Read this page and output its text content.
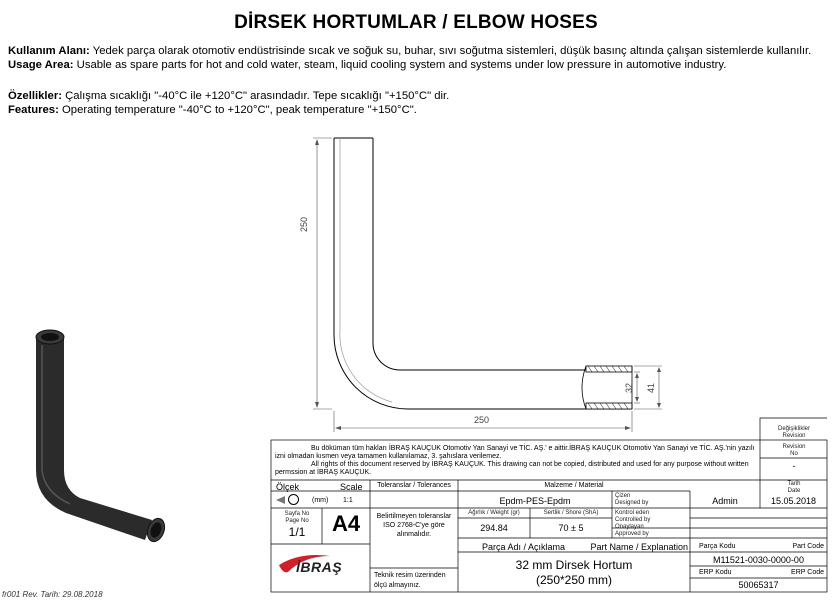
DİRSEK HORTUMLAR / ELBOW HOSES
Kullanım Alanı: Yedek parça olarak otomotiv endüstrisinde sıcak ve soğuk su, buhar, sıvı soğutma sistemleri, düşük basınç altında çalışan sistemlerde kullanılır.
Usage Area: Usable as spare parts for hot and cold water, steam, liquid cooling system and systems under low pressure in automotive industry.
Özellikler: Çalışma sıcaklığı "-40°C ile +120°C" arasındadır. Tepe sıcaklığı "+150°C" dir.
Features: Operating temperature "-40°C to +120°C", peak temperature "+150°C".
250
250
32 41
Değişiklikler
Revision
Revision
No
-
Tarih
Date
Bu döküman tüm hakları İBRAŞ KAUÇUK Otomotiv Yan Sanayi ve TİC. AŞ.' e aittir.İBRAŞ KAUÇUK Otomotiv Yan Sanayi ve TİC. AŞ.'nin yazılı izni olmadan kısmen veya tamamen kullanılamaz, 3. şahıslara verilemez.
All rights of this document reserved by İBRAŞ KAUÇUK. This drawing can not be copied, distributed and used for any purpose without written permssion at İBRAŞ KAUÇUK.
Ölçek	Scale
(mm) 1:1
Toleranslar / Tolerances
Belirtilmeyen toleranslar ISO 2768-C'ye göre alınmalıdır.
Malzeme / Material
Epdm-PES-Epdm
Ağırlık / Weight (gr)
294.84
Sertlik / Shore (ShA)
70 ± 5
Çizen
Designed by	Admin	15.05.2018
Kontrol eden
Controlled by
Onaylayan
Approved by
Sayfa No
Page No
1/1	A4
Parça Adı / Açıklama	Part Name / Explanation
32 mm Dirsek Hortum
(250*250 mm)
Parça Kodu	Part Code
M11521-0030-0000-00
ERP Kodu	ERP Code
50065317
İBRAŞ
Teknik resim üzerinden ölçü almayınız.
fr001 Rev. Tarih: 29.08.2018
